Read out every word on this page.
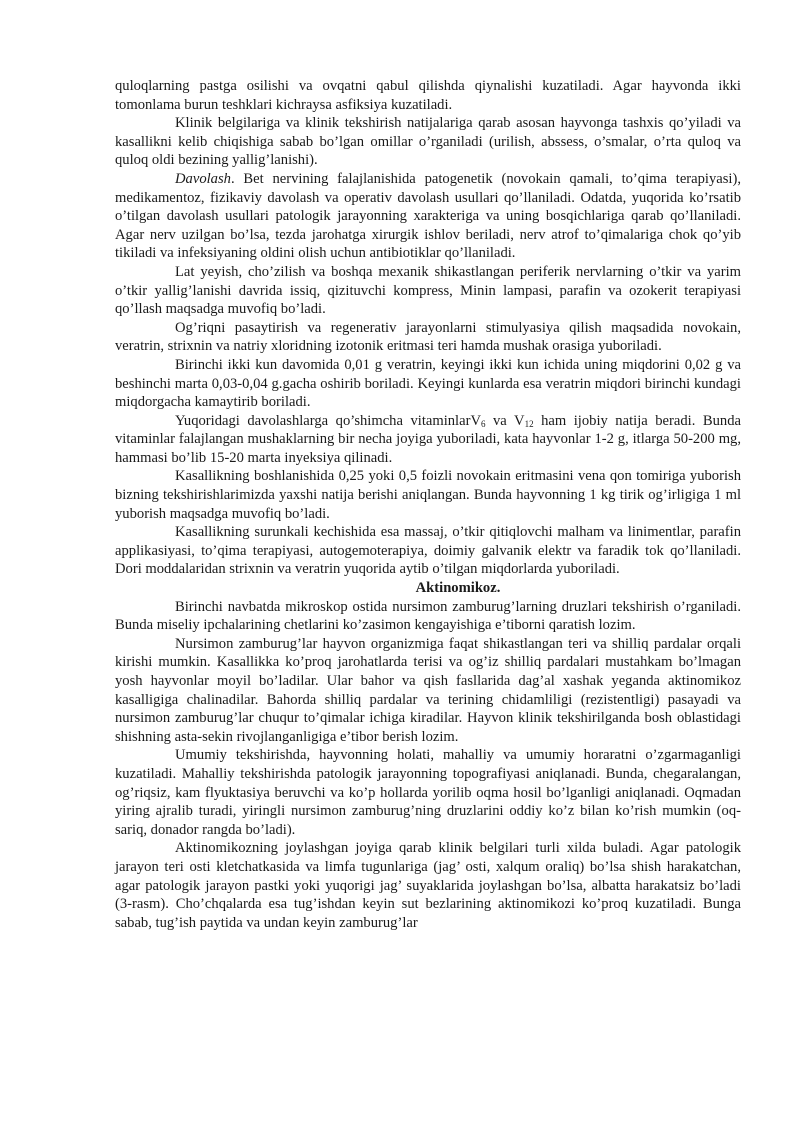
quloqlarning pastga osilishi va ovqatni qabul qilishda qiynalishi kuzatiladi. Agar hayvonda ikki tomonlama burun teshklari kichraysa asfiksiya kuzatiladi.

Klinik belgilariga va klinik tekshirish natijalariga qarab asosan hayvonga tashxis qo’yiladi va kasallikni kelib chiqishiga sabab bo’lgan omillar o’rganiladi (urilish, abssess, o’smalar, o’rta quloq va quloq oldi bezining yallig’lanishi).

Davolash. Bet nervining falajlanishida patogenetik (novokain qamali, to’qima terapiyasi), medikamentoz, fizikaviy davolash va operativ davolash usullari qo’llaniladi. Odatda, yuqorida ko’rsatib o’tilgan davolash usullari patologik jarayonning xarakteriga va uning bosqichlariga qarab qo’llaniladi. Agar nerv uzilgan bo’lsa, tezda jarohatga xirurgik ishlov beriladi, nerv atrof to’qimalariga chok qo’yib tikiladi va infeksiyaning oldini olish uchun antibiotiklar qo’llaniladi.

Lat yeyish, cho’zilish va boshqa mexanik shikastlangan periferik nervlarning o’tkir va yarim o’tkir yallig’lanishi davrida issiq, qizituvchi kompress, Minin lampasi, parafin va ozokerit terapiyasi qo’llash maqsadga muvofiq bo’ladi.

Og’riqni pasaytirish va regenerativ jarayonlarni stimulyasiya qilish maqsadida novokain, veratrin, strixnin va natriy xloridning izotonik eritmasi teri hamda mushak orasiga yuboriladi.

Birinchi ikki kun davomida 0,01 g veratrin, keyingi ikki kun ichida uning miqdorini 0,02 g va beshinchi marta 0,03-0,04 g.gacha oshirib boriladi. Keyingi kunlarda esa veratrin miqdori birinchi kundagi miqdorgacha kamaytirib boriladi.

Yuqoridagi davolashlarga qo’shimcha vitaminlarV$_6$ va $V_{12}$ ham ijobiy natija beradi. Bunda vitaminlar falajlangan mushaklarning bir necha joyiga yuboriladi, kata hayvonlar 1-2 g, itlarga 50-200 mg, hammasi bo’lib 15-20 marta inyeksiya qilinadi.

Kasallikning boshlanishida 0,25 yoki 0,5 foizli novokain eritmasini vena qon tomiriga yuborish bizning tekshirishlarimizda yaxshi natija berishi aniqlangan. Bunda hayvonning 1 kg tirik og’irligiga 1 ml yuborish maqsadga muvofiq bo’ladi.

Kasallikning surunkali kechishida esa massaj, o’tkir qitiqlovchi malham va linimentlar, parafin applikasiyasi, to’qima terapiyasi, autogemoterapiya, doimiy galvanik elektr va faradik tok qo’llaniladi. Dori moddalaridan strixnin va veratrin yuqorida aytib o’tilgan miqdorlarda yuboriladi.

Aktinomikoz.

Birinchi navbatda mikroskop ostida nursimon zamburug’larning druzlari tekshirish o’rganiladi. Bunda miseliy ipchalarining chetlarini ko’zasimon kengayishiga e’tiborni qaratish lozim.

Nursimon zamburug’lar hayvon organizmiga faqat shikastlangan teri va shilliq pardalar orqali kirishi mumkin. Kasallikka ko’proq jarohatlarda terisi va og’iz shilliq pardalari mustahkam bo’lmagan yosh hayvonlar moyil bo’ladilar. Ular bahor va qish fasllarida dag’al xashak yeganda aktinomikoz kasalligiga chalinadilar. Bahorda shilliq pardalar va terining chidamliligi (rezistentligi) pasayadi va nursimon zamburug’lar chuqur to’qimalar ichiga kiradilar. Hayvon klinik tekshirilganda bosh oblastidagi shishning asta-sekin rivojlanganligiga e’tibor berish lozim.

Umumiy tekshirishda, hayvonning holati, mahalliy va umumiy horaratni o’zgarmaganligi kuzatiladi. Mahalliy tekshirishda patologik jarayonning topografiyasi aniqlanadi. Bunda, chegaralangan, og’riqsiz, kam flyuktasiya beruvchi va ko’p hollarda yorilib oqma hosil bo’lganligi aniqlanadi. Oqmadan yiring ajralib turadi, yiringli nursimon zamburug’ning druzlarini oddiy ko’z bilan ko’rish mumkin (oq-sariq, donador rangda bo’ladi).

Aktinomikozning joylashgan joyiga qarab klinik belgilari turli xilda buladi. Agar patologik jarayon teri osti kletchatkasida va limfa tugunlariga (jag’ osti, xalqum oraliq) bo’lsa shish harakatchan, agar patologik jarayon pastki yoki yuqorigi jag’ suyaklarida joylashgan bo’lsa, albatta harakatsiz bo’ladi (3-rasm). Cho’chqalarda esa tug’ishdan keyin sut bezlarining aktinomikozi ko’proq kuzatiladi. Bunga sabab, tug’ish paytida va undan keyin zamburug’lar
